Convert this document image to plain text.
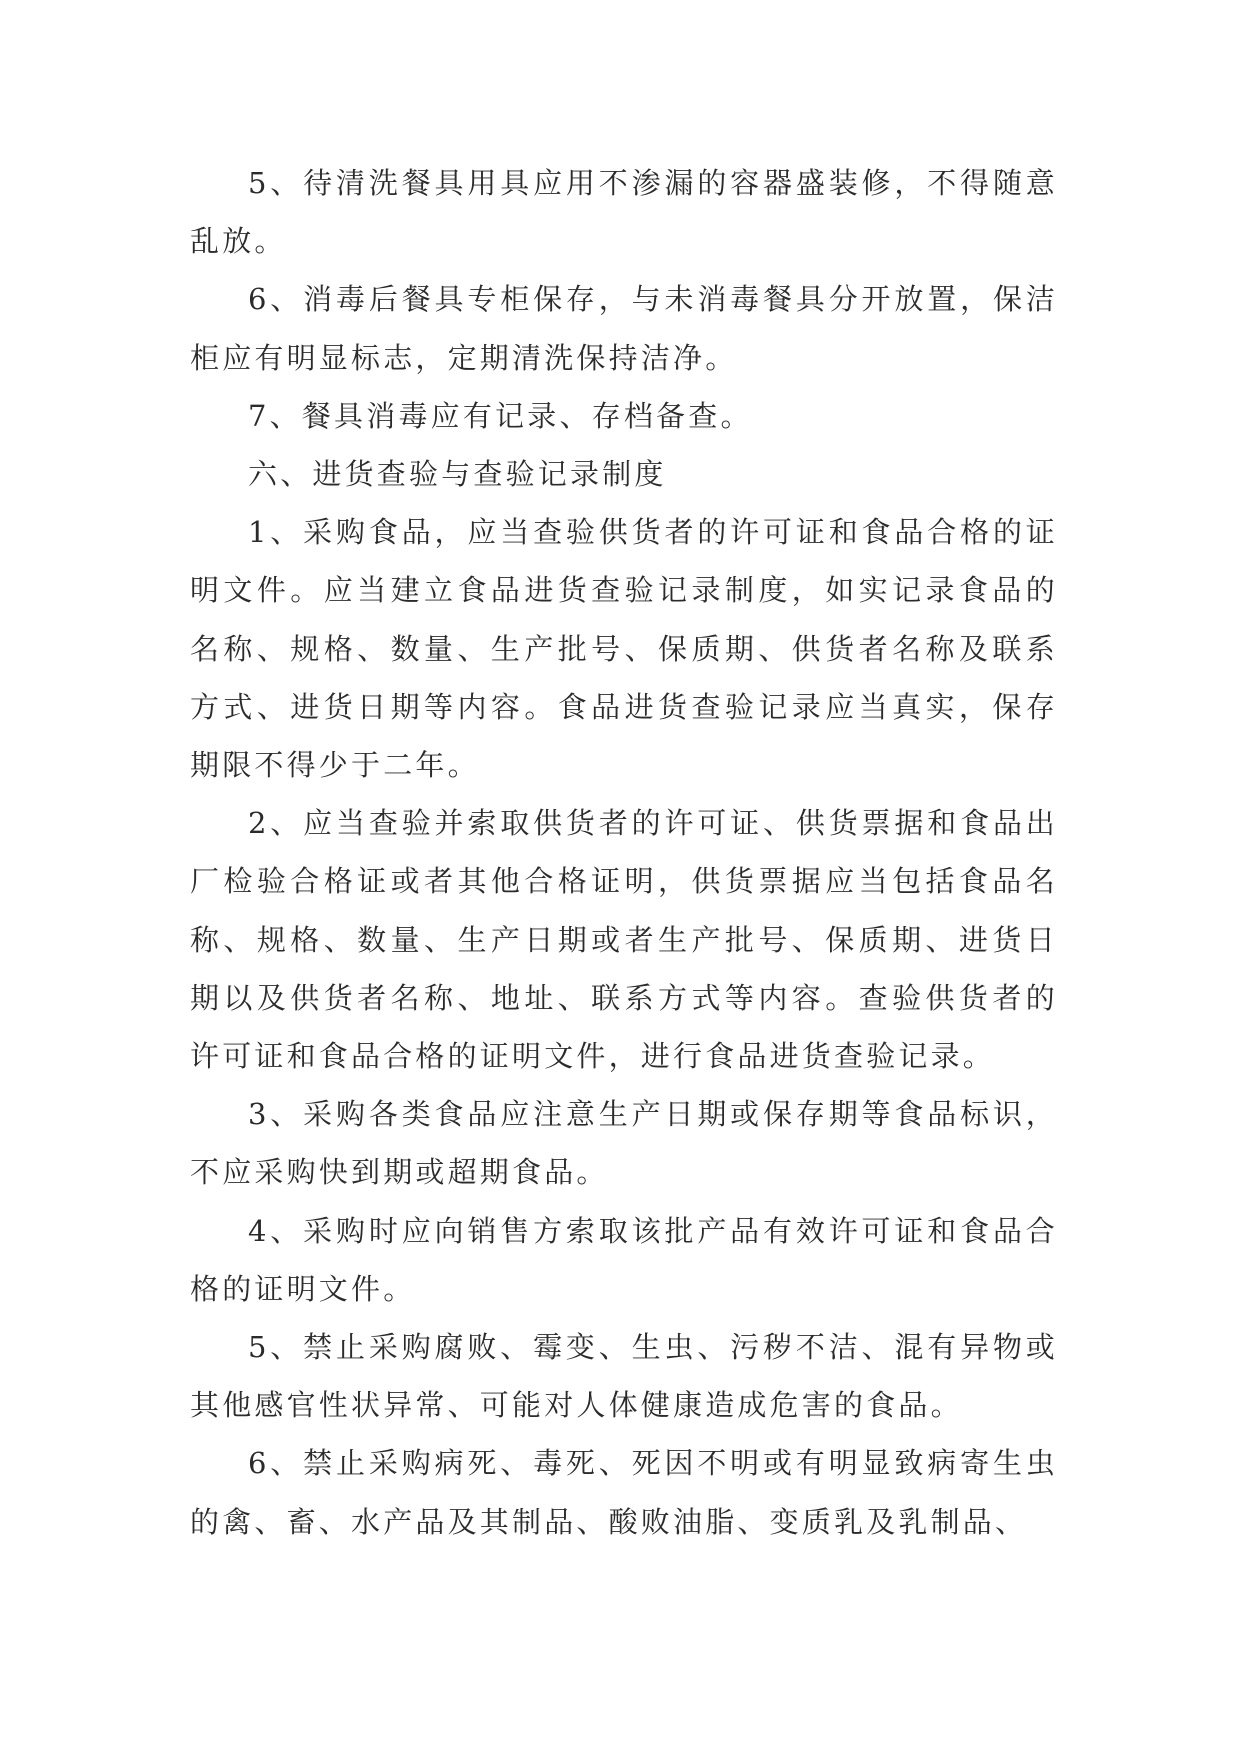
5、待清洗餐具用具应用不渗漏的容器盛装修，不得随意乱放。

6、消毒后餐具专柜保存，与未消毒餐具分开放置，保洁柜应有明显标志，定期清洗保持洁净。

7、餐具消毒应有记录、存档备查。

六、进货查验与查验记录制度

1、采购食品，应当查验供货者的许可证和食品合格的证明文件。应当建立食品进货查验记录制度，如实记录食品的名称、规格、数量、生产批号、保质期、供货者名称及联系方式、进货日期等内容。食品进货查验记录应当真实，保存期限不得少于二年。

2、应当查验并索取供货者的许可证、供货票据和食品出厂检验合格证或者其他合格证明，供货票据应当包括食品名称、规格、数量、生产日期或者生产批号、保质期、进货日期以及供货者名称、地址、联系方式等内容。查验供货者的许可证和食品合格的证明文件，进行食品进货查验记录。

3、采购各类食品应注意生产日期或保存期等食品标识，不应采购快到期或超期食品。

4、采购时应向销售方索取该批产品有效许可证和食品合格的证明文件。

5、禁止采购腐败、霉变、生虫、污秽不洁、混有异物或其他感官性状异常、可能对人体健康造成危害的食品。

6、禁止采购病死、毒死、死因不明或有明显致病寄生虫的禽、畜、水产品及其制品、酸败油脂、变质乳及乳制品、
